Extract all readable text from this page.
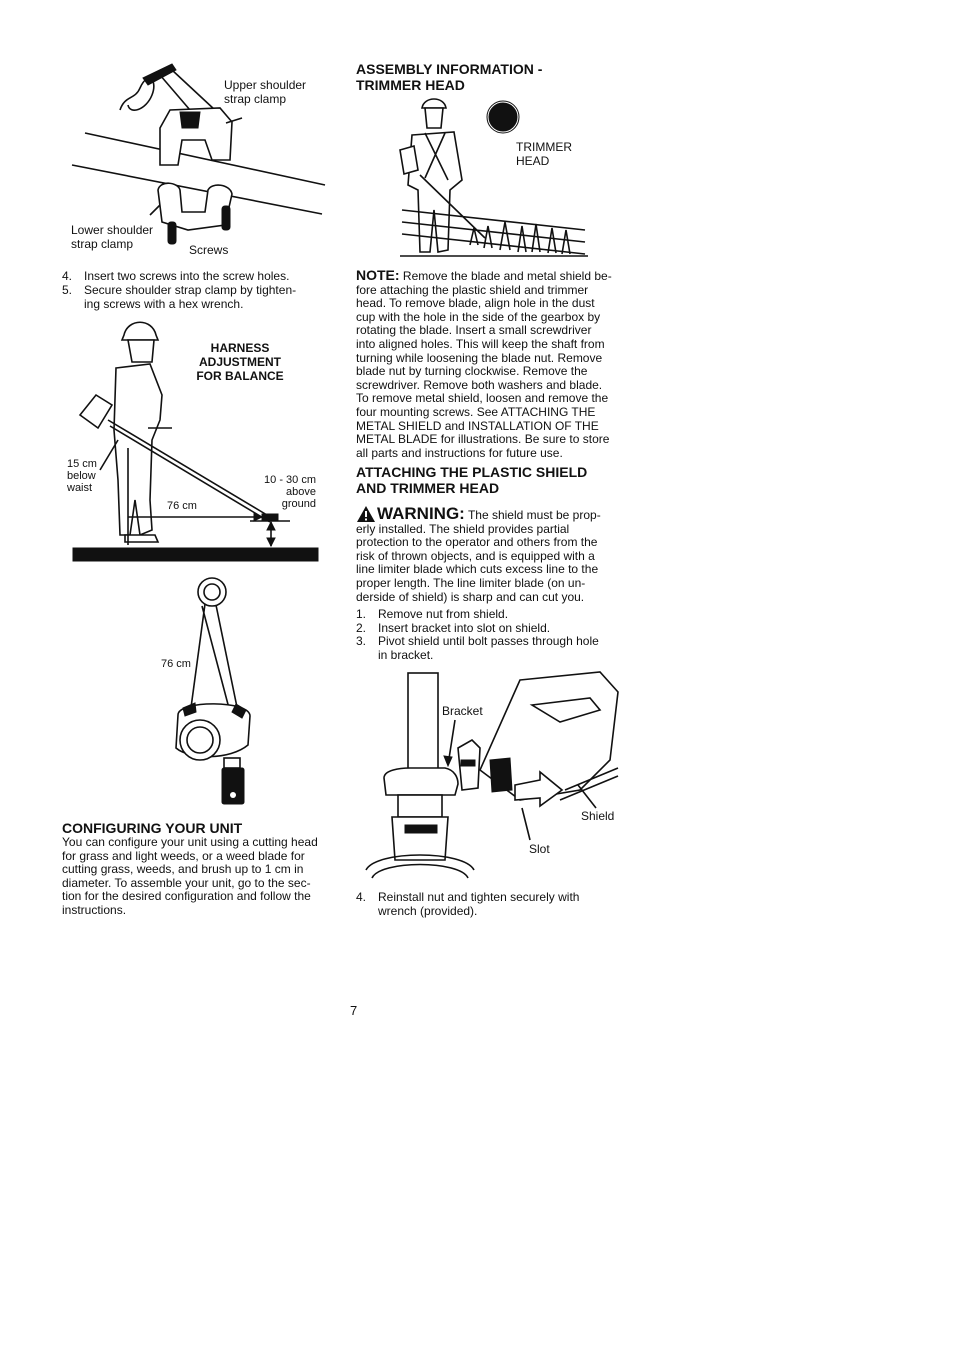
Upper shoulder
strap clamp
Lower shoulder
strap clamp	Screws
4. Insert two screws into the screw holes.
5. Secure shoulder strap clamp by tighten-
ing screws with a hex wrench.
HARNESS
ADJUSTMENT
FOR BALANCE
15 cm
below
waist
10 - 30 cm
above
ground
76 cm
76 cm
CONFIGURING YOUR UNIT
You can configure your unit using a cutting head
for grass and light weeds, or a weed blade for
cutting grass, weeds, and brush up to 1 cm in
diameter. To assemble your unit, go to the sec-
tion for the desired configuration and follow the
instructions.
ASSEMBLY INFORMATION -
TRIMMER HEAD
TRIMMER
HEAD
NOTE: Remove the blade and metal shield be-
fore attaching the plastic shield and trimmer
head. To remove blade, align hole in the dust
cup with the hole in the side of the gearbox by
rotating the blade. Insert a small screwdriver
into aligned holes. This will keep the shaft from
turning while loosening the blade nut. Remove
blade nut by turning clockwise. Remove the
screwdriver. Remove both washers and blade.
To remove metal shield, loosen and remove the
four mounting screws. See ATTACHING THE
METAL SHIELD and INSTALLATION OF THE
METAL BLADE for illustrations. Be sure to store
all parts and instructions for future use.
ATTACHING THE PLASTIC SHIELD
AND TRIMMER HEAD
WARNING: The shield must be prop-
erly installed. The shield provides partial
protection to the operator and others from the
risk of thrown objects, and is equipped with a
line limiter blade which cuts excess line to the
proper length. The line limiter blade (on un-
derside of shield) is sharp and can cut you.
1. Remove nut from shield.
2. Insert bracket into slot on shield.
3. Pivot shield until bolt passes through hole
in bracket.
Bracket
Shield
Slot
4. Reinstall nut and tighten securely with
wrench (provided).
7
